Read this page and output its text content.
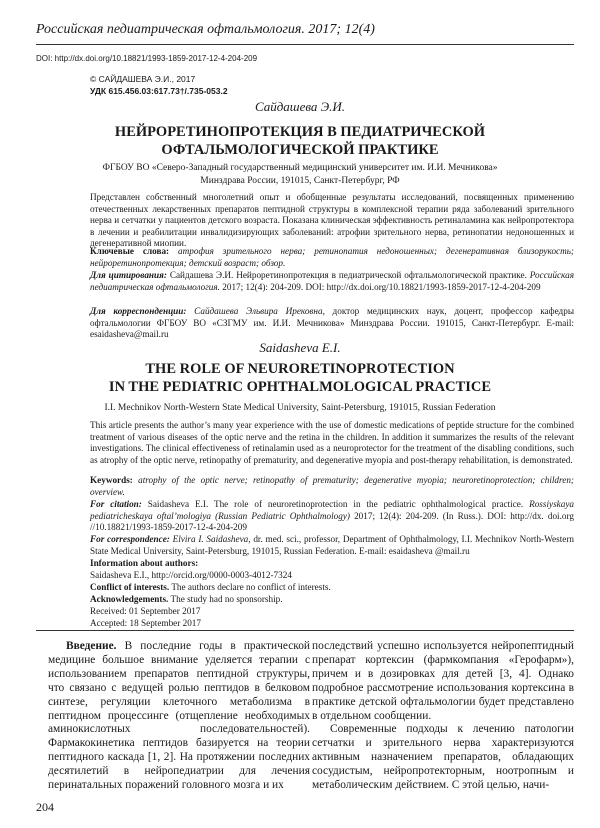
Российская педиатрическая офтальмология. 2017; 12(4)
DOI: http://dx.doi.org/10.18821/1993-1859-2017-12-4-204-209
© САЙДАШЕВА Э.И., 2017
УДК 615.456.03:617.73†/.735-053.2
Сайдашева Э.И.
НЕЙРОРЕТИНОПРОТЕКЦИЯ В ПЕДИАТРИЧЕСКОЙ
ОФТАЛЬМОЛОГИЧЕСКОЙ ПРАКТИКЕ
ФГБОУ ВО «Северо-Западный государственный медицинский университет им. И.И. Мечникова»
Минздрава России, 191015, Санкт-Петербург, РФ
Представлен собственный многолетний опыт и обобщенные результаты исследований, посвященных применению отечественных лекарственных препаратов пептидной структуры в комплексной терапии ряда заболеваний зрительного нерва и сетчатки у пациентов детского возраста. Показана клиническая эффективность ретиналамина как нейропротектора в лечении и реабилитации инвалидизирующих заболеваний: атрофии зрительного нерва, ретинопатии недоношенных и дегенеративной миопии.
Ключевые слова: атрофия зрительного нерва; ретинопатия недоношенных; дегенеративная близорукость; нейроретинопротекция; детский возраст; обзор.
Для цитирования: Сайдашева Э.И. Нейроретинопротекция в педиатрической офтальмологической практике. Российская педиатрическая офтальмология. 2017; 12(4): 204-209. DOI: http://dx.doi.org/10.18821/1993-1859-2017-12-4-204-209
Для корреспонденции: Сайдашева Эльвира Ирековна, доктор медицинских наук, доцент, профессор кафедры офтальмологии ФГБОУ ВО «СЗГМУ им. И.И. Мечникова» Минздрава России. 191015, Санкт-Петербург. E-mail: esaidasheva@mail.ru
Saidasheva E.I.
THE ROLE OF NEURORETINOPROTECTION
IN THE PEDIATRIC OPHTHALMOLOGICAL PRACTICE
I.I. Mechnikov North-Western State Medical University, Saint-Petersburg, 191015, Russian Federation
This article presents the author’s many year experience with the use of domestic medications of peptide structure for the combined treatment of various diseases of the optic nerve and the retina in the children. In addition it summarizes the results of the relevant investigations. The clinical effectiveness of retinalamin used as a neuroprotector for the treatment of the disabling conditions, such as atrophy of the optic nerve, retinopathy of prematurity, and degenerative myopia and post-therapy rehabilitation, is demonstrated.
Keywords: atrophy of the optic nerve; retinopathy of prematurity; degenerative myopia; neuroretinoprotection; children; overview.
For citation: Saidasheva E.I. The role of neuroretinoprotection in the pediatric ophthalmological practice. Rossiyskaya pediatricheskaya oftal’mologiya (Russian Pediatric Ophthalmology) 2017; 12(4): 204-209. (In Russ.). DOI: http://dx. doi.org //10.18821/1993-1859-2017-12-4-204-209
For correspondence: Elvira I. Saidasheva, dr. med. sci., professor, Department of Ophthalmology, I.I. Mechnikov North-Western State Medical University, Saint-Petersburg, 191015, Russian Federation. E-mail: esaidasheva @mail.ru
Information about authors:
Saidasheva E.I., http://orcid.org/0000-0003-4012-7324
Conflict of interests. The authors declare no conflict of interests.
Acknowledgements. The study had no sponsorship.
Received: 01 September 2017
Accepted: 18 September 2017

Введение. В последние годы в практической медицине большое внимание уделяется терапии с использованием препаратов пептидной структуры, что связано с ведущей ролью пептидов в белковом синтезе, регуляции клеточного метаболизма в пептидном процессинге (отщепление необходимых аминокислотных последовательностей). Фармакокинетика пептидов базируется на теории пептидного каскада [1, 2]. На протяжении последних десятилетий в нейропедиатрии для лечения перинатальных поражений головного мозга и их

последствий успешно используется нейропептидный препарат кортексин (фармкомпания «Герофарм»), причем и в дозировках для детей [3, 4]. Однако подробное рассмотрение использования кортексина в практике детской офтальмологии будет представлено в отдельном сообщении.

Современные подходы к лечению патологии сетчатки и зрительного нерва характеризуются активным назначением препаратов, обладающих сосудистым, нейропротекторным, ноотропным и метаболическим действием. С этой целью, начи-

204
